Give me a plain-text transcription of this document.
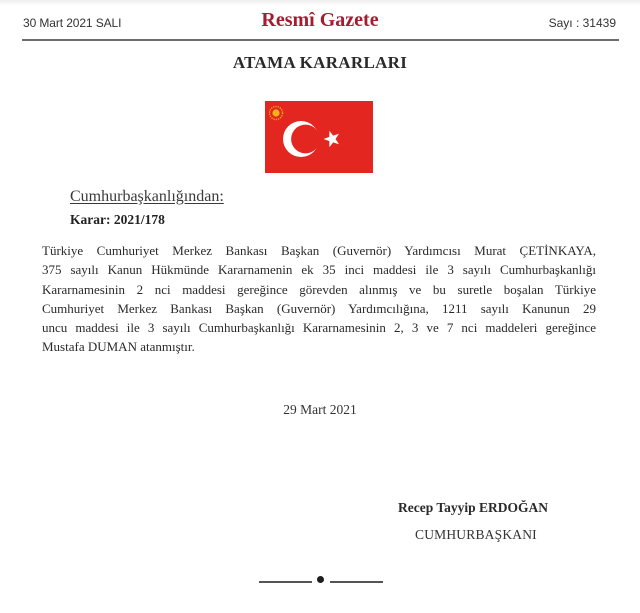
30 Mart 2021 SALI	Resmî Gazete	Sayı : 31439
ATAMA KARARLARI
Cumhurbaşkanlığından:
Karar: 2021/178
Türkiye Cumhuriyet Merkez Bankası Başkan (Guvernör) Yardımcısı Murat ÇETİNKAYA,
375 sayılı Kanun Hükmünde Kararnamenin ek 35 inci maddesi ile 3 sayılı Cumhurbaşkanlığı
Kararnamesinin 2 nci maddesi gereğince görevden alınmış ve bu suretle boşalan Türkiye
Cumhuriyet Merkez Bankası Başkan (Guvernör) Yardımcılığına, 1211 sayılı Kanunun 29
uncu maddesi ile 3 sayılı Cumhurbaşkanlığı Kararnamesinin 2, 3 ve 7 nci maddeleri gereğince
Mustafa DUMAN atanmıştır.
29 Mart 2021
Recep Tayyip ERDOĞAN
CUMHURBAŞKANI
